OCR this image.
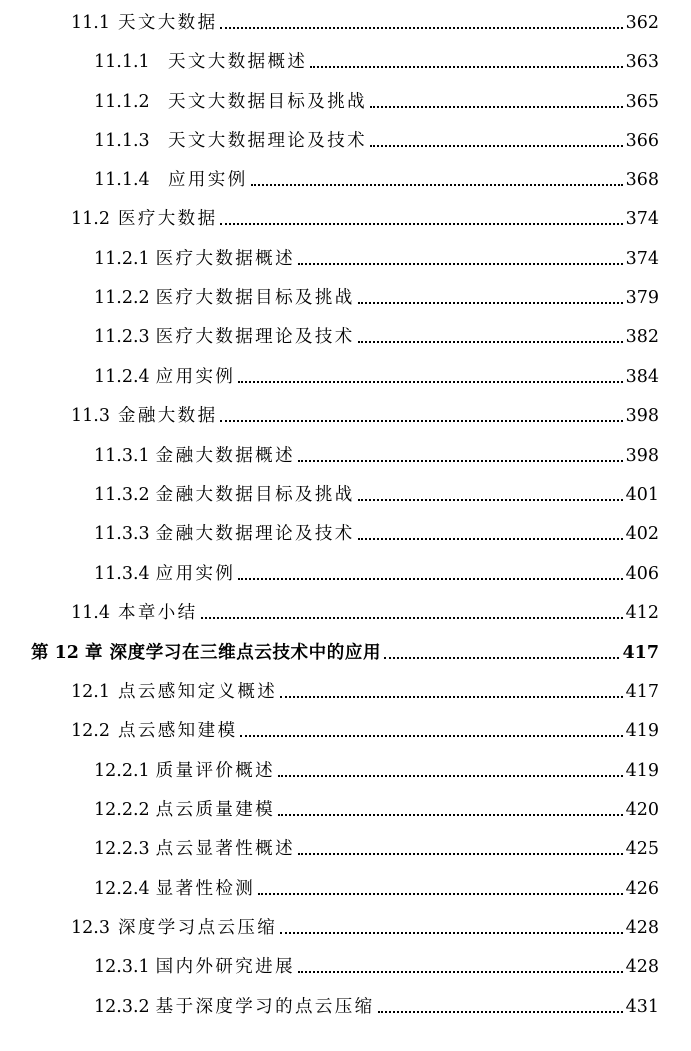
11.1 天文大数据	362
11.1.1	天文大数据概述	363
11.1.2	天文大数据目标及挑战	365
11.1.3	天文大数据理论及技术	366
11.1.4	应用实例	368
11.2 医疗大数据	374
11.2.1 医疗大数据概述	374
11.2.2 医疗大数据目标及挑战	379
11.2.3 医疗大数据理论及技术	382
11.2.4 应用实例	384
11.3 金融大数据	398
11.3.1 金融大数据概述	398
11.3.2 金融大数据目标及挑战	401
11.3.3 金融大数据理论及技术	402
11.3.4 应用实例	406
11.4 本章小结	412
第 12 章 深度学习在三维点云技术中的应用	417
12.1 点云感知定义概述	417
12.2 点云感知建模	419
12.2.1 质量评价概述	419
12.2.2 点云质量建模	420
12.2.3 点云显著性概述	425
12.2.4 显著性检测	426
12.3 深度学习点云压缩	428
12.3.1 国内外研究进展	428
12.3.2 基于深度学习的点云压缩	431
